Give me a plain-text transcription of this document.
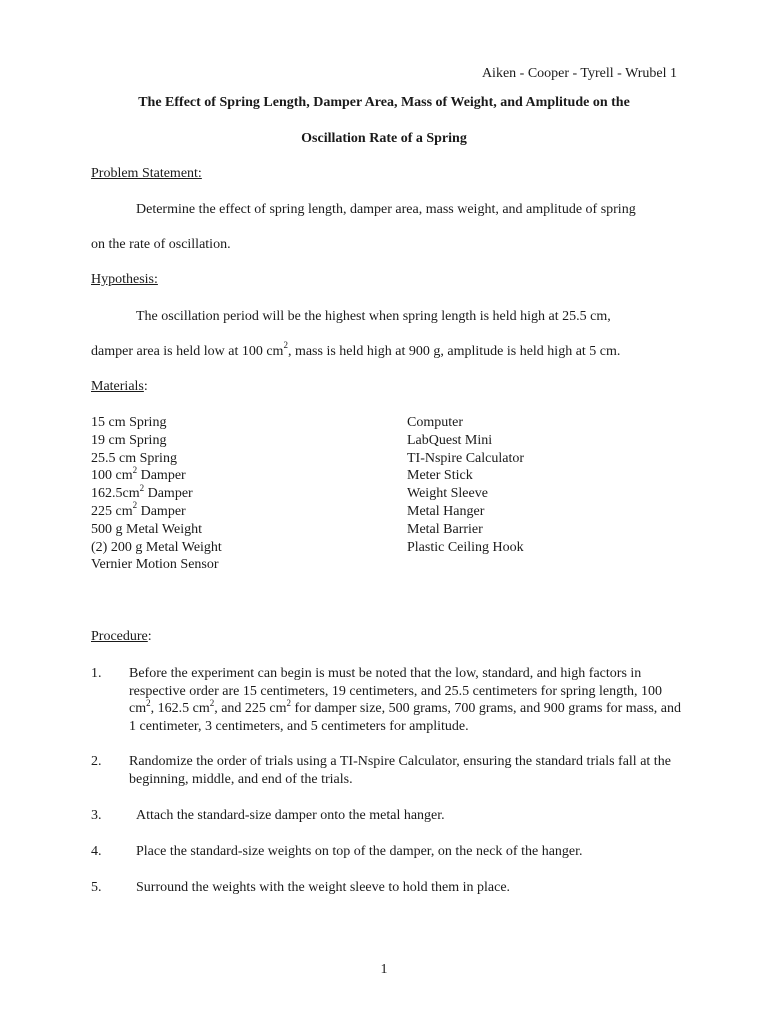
Aiken - Cooper - Tyrell - Wrubel 1
The Effect of Spring Length, Damper Area, Mass of Weight, and Amplitude on the
Oscillation Rate of a Spring
Problem Statement:
Determine the effect of spring length, damper area, mass weight, and amplitude of spring
on the rate of oscillation.
Hypothesis:
The oscillation period will be the highest when spring length is held high at 25.5 cm,
damper area is held low at 100 $cm^2$, mass is held high at 900 g, amplitude is held high at 5 cm.
Materials:
15 cm Spring
19 cm Spring
25.5 cm Spring
100 $cm^2$ Damper
$162.5cm^2$ Damper
225 $cm^2$ Damper
500 g Metal Weight
(2) 200 g Metal Weight
Vernier Motion Sensor
Computer
LabQuest Mini
TI-Nspire Calculator
Meter Stick
Weight Sleeve
Metal Hanger
Metal Barrier
Plastic Ceiling Hook
Procedure:
1. Before the experiment can begin is must be noted that the low, standard, and high factors in respective order are 15 centimeters, 19 centimeters, and 25.5 centimeters for spring length, 100 $cm^2$, 162.5 $cm^2$, and 225 $cm^2$ for damper size, 500 grams, 700 grams, and 900 grams for mass, and 1 centimeter, 3 centimeters, and 5 centimeters for amplitude.
2. Randomize the order of trials using a TI-Nspire Calculator, ensuring the standard trials fall at the beginning, middle, and end of the trials.
3. Attach the standard-size damper onto the metal hanger.
4. Place the standard-size weights on top of the damper, on the neck of the hanger.
5. Surround the weights with the weight sleeve to hold them in place.
1
